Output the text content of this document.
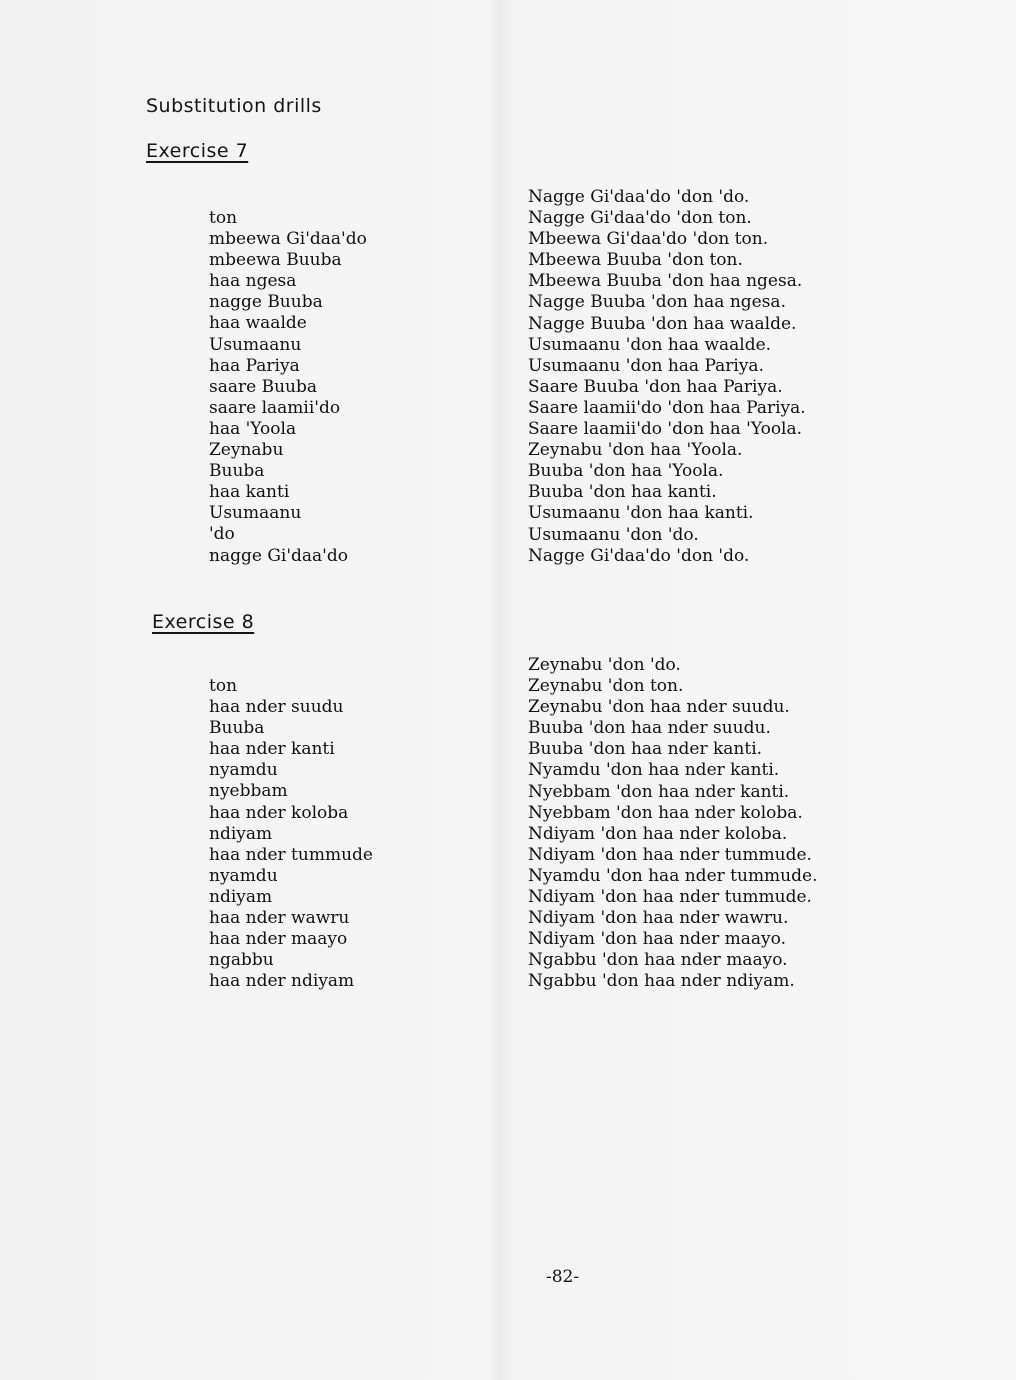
Substitution drills
Exercise 7
ton
mbeewa Gi'daa'do
mbeewa Buuba
haa ngesa
nagge Buuba
haa waalde
Usumaanu
haa Pariya
saare Buuba
saare laamii'do
haa 'Yoola
Zeynabu
Buuba
haa kanti
Usumaanu
'do
nagge Gi'daa'do
Nagge Gi'daa'do 'don 'do.
Nagge Gi'daa'do 'don ton.
Mbeewa Gi'daa'do 'don ton.
Mbeewa Buuba 'don ton.
Mbeewa Buuba 'don haa ngesa.
Nagge Buuba 'don haa ngesa.
Nagge Buuba 'don haa waalde.
Usumaanu 'don haa waalde.
Usumaanu 'don haa Pariya.
Saare Buuba 'don haa Pariya.
Saare laamii'do 'don haa Pariya.
Saare laamii'do 'don haa 'Yoola.
Zeynabu 'don haa 'Yoola.
Buuba 'don haa 'Yoola.
Buuba 'don haa kanti.
Usumaanu 'don haa kanti.
Usumaanu 'don 'do.
Nagge Gi'daa'do 'don 'do.
Exercise 8
ton
haa nder suudu
Buuba
haa nder kanti
nyamdu
nyebbam
haa nder koloba
ndiyam
haa nder tummude
nyamdu
ndiyam
haa nder wawru
haa nder maayo
ngabbu
haa nder ndiyam
Zeynabu 'don 'do.
Zeynabu 'don ton.
Zeynabu 'don haa nder suudu.
Buuba 'don haa nder suudu.
Buuba 'don haa nder kanti.
Nyamdu 'don haa nder kanti.
Nyebbam 'don haa nder kanti.
Nyebbam 'don haa nder koloba.
Ndiyam 'don haa nder koloba.
Ndiyam 'don haa nder tummude.
Nyamdu 'don haa nder tummude.
Ndiyam 'don haa nder tummude.
Ndiyam 'don haa nder wawru.
Ndiyam 'don haa nder maayo.
Ngabbu 'don haa nder maayo.
Ngabbu 'don haa nder ndiyam.
-82-
